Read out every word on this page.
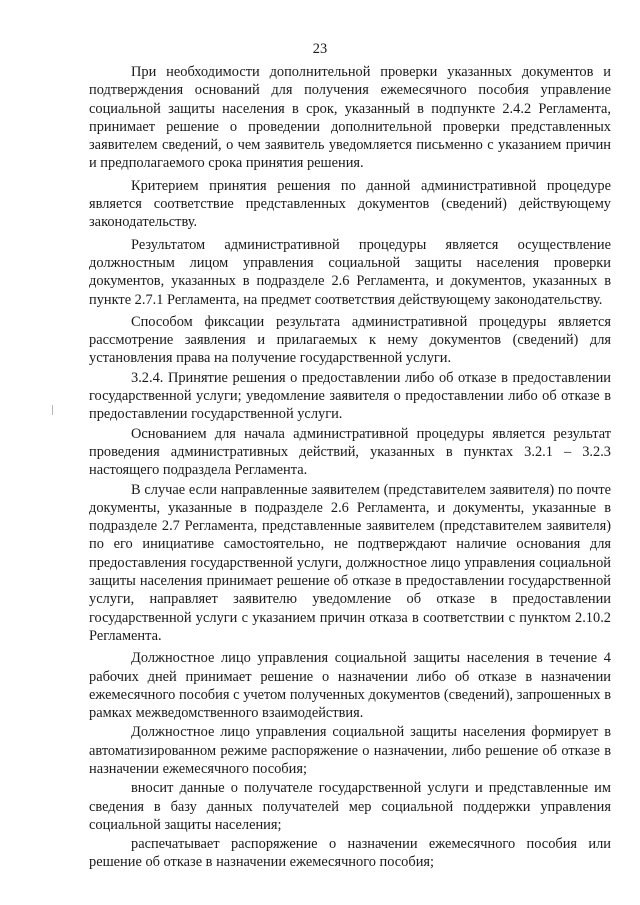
23

При необходимости дополнительной проверки указанных документов и подтверждения оснований для получения ежемесячного пособия управление социальной защиты населения в срок, указанный в подпункте 2.4.2 Регламента, принимает решение о проведении дополнительной проверки представленных заявителем сведений, о чем заявитель уведомляется письменно с указанием причин и предполагаемого срока принятия решения.

Критерием принятия решения по данной административной процедуре является соответствие представленных документов (сведений) действующему законодательству.

Результатом административной процедуры является осуществление должностным лицом управления социальной защиты населения проверки документов, указанных в подразделе 2.6 Регламента, и документов, указанных в пункте 2.7.1 Регламента, на предмет соответствия действующему законодательству.

Способом фиксации результата административной процедуры является рассмотрение заявления и прилагаемых к нему документов (сведений) для установления права на получение государственной услуги.

3.2.4. Принятие решения о предоставлении либо об отказе в предоставлении государственной услуги; уведомление заявителя о предоставлении либо об отказе в предоставлении государственной услуги.

Основанием для начала административной процедуры является результат проведения административных действий, указанных в пунктах 3.2.1 – 3.2.3 настоящего подраздела Регламента.

В случае если направленные заявителем (представителем заявителя) по почте документы, указанные в подразделе 2.6 Регламента, и документы, указанные в подразделе 2.7 Регламента, представленные заявителем (представителем заявителя) по его инициативе самостоятельно, не подтверждают наличие основания для предоставления государственной услуги, должностное лицо управления социальной защиты населения принимает решение об отказе в предоставлении государственной услуги, направляет заявителю уведомление об отказе в предоставлении государственной услуги с указанием причин отказа в соответствии с пунктом 2.10.2 Регламента.

Должностное лицо управления социальной защиты населения в течение 4 рабочих дней принимает решение о назначении либо об отказе в назначении ежемесячного пособия с учетом полученных документов (сведений), запрошенных в рамках межведомственного взаимодействия.

Должностное лицо управления социальной защиты населения формирует в автоматизированном режиме распоряжение о назначении, либо решение об отказе в назначении ежемесячного пособия;

вносит данные о получателе государственной услуги и представленные им сведения в базу данных получателей мер социальной поддержки управления социальной защиты населения;

распечатывает распоряжение о назначении ежемесячного пособия или решение об отказе в назначении ежемесячного пособия;
